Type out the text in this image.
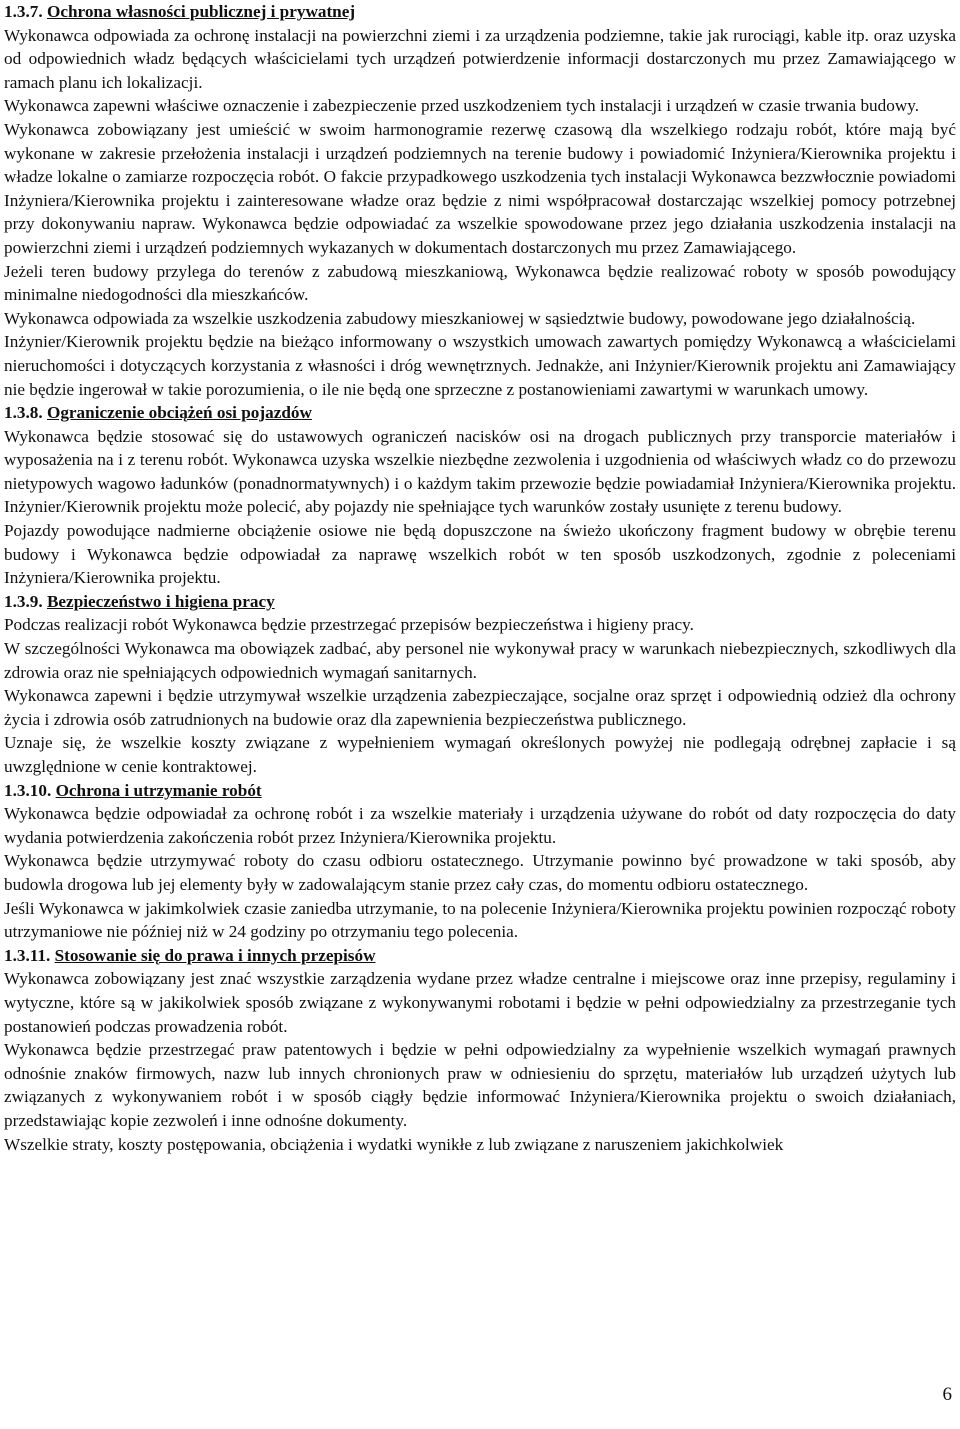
1.3.7. Ochrona własności publicznej i prywatnej

Wykonawca odpowiada za ochronę instalacji na powierzchni ziemi i za urządzenia podziemne, takie jak rurociągi, kable itp. oraz uzyska od odpowiednich władz będących właścicielami tych urządzeń potwierdzenie informacji dostarczonych mu przez Zamawiającego w ramach planu ich lokalizacji.

Wykonawca zapewni właściwe oznaczenie i zabezpieczenie przed uszkodzeniem tych instalacji i urządzeń w czasie trwania budowy.

Wykonawca zobowiązany jest umieścić w swoim harmonogramie rezerwę czasową dla wszelkiego rodzaju robót, które mają być wykonane w zakresie przełożenia instalacji i urządzeń podziemnych na terenie budowy i powiadomić Inżyniera/Kierownika projektu i władze lokalne o zamiarze rozpoczęcia robót. O fakcie przypadkowego uszkodzenia tych instalacji Wykonawca bezzwłocznie powiadomi Inżyniera/Kierownika projektu i zainteresowane władze oraz będzie z nimi współpracował dostarczając wszelkiej pomocy potrzebnej przy dokonywaniu napraw. Wykonawca będzie odpowiadać za wszelkie spowodowane przez jego działania uszkodzenia instalacji na powierzchni ziemi i urządzeń podziemnych wykazanych w dokumentach dostarczonych mu przez Zamawiającego.

Jeżeli teren budowy przylega do terenów z zabudową mieszkaniową, Wykonawca będzie realizować roboty w sposób powodujący minimalne niedogodności dla mieszkańców.

Wykonawca odpowiada za wszelkie uszkodzenia zabudowy mieszkaniowej w sąsiedztwie budowy, powodowane jego działalnością.

Inżynier/Kierownik projektu będzie na bieżąco informowany o wszystkich umowach zawartych pomiędzy Wykonawcą a właścicielami nieruchomości i dotyczących korzystania z własności i dróg wewnętrznych. Jednakże, ani Inżynier/Kierownik projektu ani Zamawiający nie będzie ingerował w takie porozumienia, o ile nie będą one sprzeczne z postanowieniami zawartymi w warunkach umowy.

1.3.8. Ograniczenie obciążeń osi pojazdów

Wykonawca będzie stosować się do ustawowych ograniczeń nacisków osi na drogach publicznych przy transporcie materiałów i wyposażenia na i z terenu robót. Wykonawca uzyska wszelkie niezbędne zezwolenia i uzgodnienia od właściwych władz co do przewozu nietypowych wagowo ładunków (ponadnormatywnych) i o każdym takim przewozie będzie powiadamiał Inżyniera/Kierownika projektu. Inżynier/Kierownik projektu może polecić, aby pojazdy nie spełniające tych warunków zostały usunięte z terenu budowy.

Pojazdy powodujące nadmierne obciążenie osiowe nie będą dopuszczone na świeżo ukończony fragment budowy w obrębie terenu budowy i Wykonawca będzie odpowiadał za naprawę wszelkich robót w ten sposób uszkodzonych, zgodnie z poleceniami Inżyniera/Kierownika projektu.

1.3.9. Bezpieczeństwo i higiena pracy

Podczas realizacji robót Wykonawca będzie przestrzegać przepisów bezpieczeństwa i higieny pracy.

W szczególności Wykonawca ma obowiązek zadbać, aby personel nie wykonywał pracy w warunkach niebezpiecznych, szkodliwych dla zdrowia oraz nie spełniających odpowiednich wymagań sanitarnych.

Wykonawca zapewni i będzie utrzymywał wszelkie urządzenia zabezpieczające, socjalne oraz sprzęt i odpowiednią odzież dla ochrony życia i zdrowia osób zatrudnionych na budowie oraz dla zapewnienia bezpieczeństwa publicznego.

Uznaje się, że wszelkie koszty związane z wypełnieniem wymagań określonych powyżej nie podlegają odrębnej zapłacie i są uwzględnione w cenie kontraktowej.

1.3.10. Ochrona i utrzymanie robót

Wykonawca będzie odpowiadał za ochronę robót i za wszelkie materiały i urządzenia używane do robót od daty rozpoczęcia do daty wydania potwierdzenia zakończenia robót przez Inżyniera/Kierownika projektu.

Wykonawca będzie utrzymywać roboty do czasu odbioru ostatecznego. Utrzymanie powinno być prowadzone w taki sposób, aby budowla drogowa lub jej elementy były w zadowalającym stanie przez cały czas, do momentu odbioru ostatecznego.

Jeśli Wykonawca w jakimkolwiek czasie zaniedba utrzymanie, to na polecenie Inżyniera/Kierownika projektu powinien rozpocząć roboty utrzymaniowe nie później niż w 24 godziny po otrzymaniu tego polecenia.

1.3.11. Stosowanie się do prawa i innych przepisów

Wykonawca zobowiązany jest znać wszystkie zarządzenia wydane przez władze centralne i miejscowe oraz inne przepisy, regulaminy i wytyczne, które są w jakikolwiek sposób związane z wykonywanymi robotami i będzie w pełni odpowiedzialny za przestrzeganie tych postanowień podczas prowadzenia robót.

Wykonawca będzie przestrzegać praw patentowych i będzie w pełni odpowiedzialny za wypełnienie wszelkich wymagań prawnych odnośnie znaków firmowych, nazw lub innych chronionych praw w odniesieniu do sprzętu, materiałów lub urządzeń użytych lub związanych z wykonywaniem robót i w sposób ciągły będzie informować Inżyniera/Kierownika projektu o swoich działaniach, przedstawiając kopie zezwoleń i inne odnośne dokumenty.

Wszelkie straty, koszty postępowania, obciążenia i wydatki wynikłe z lub związane z naruszeniem jakichkolwiek

6
